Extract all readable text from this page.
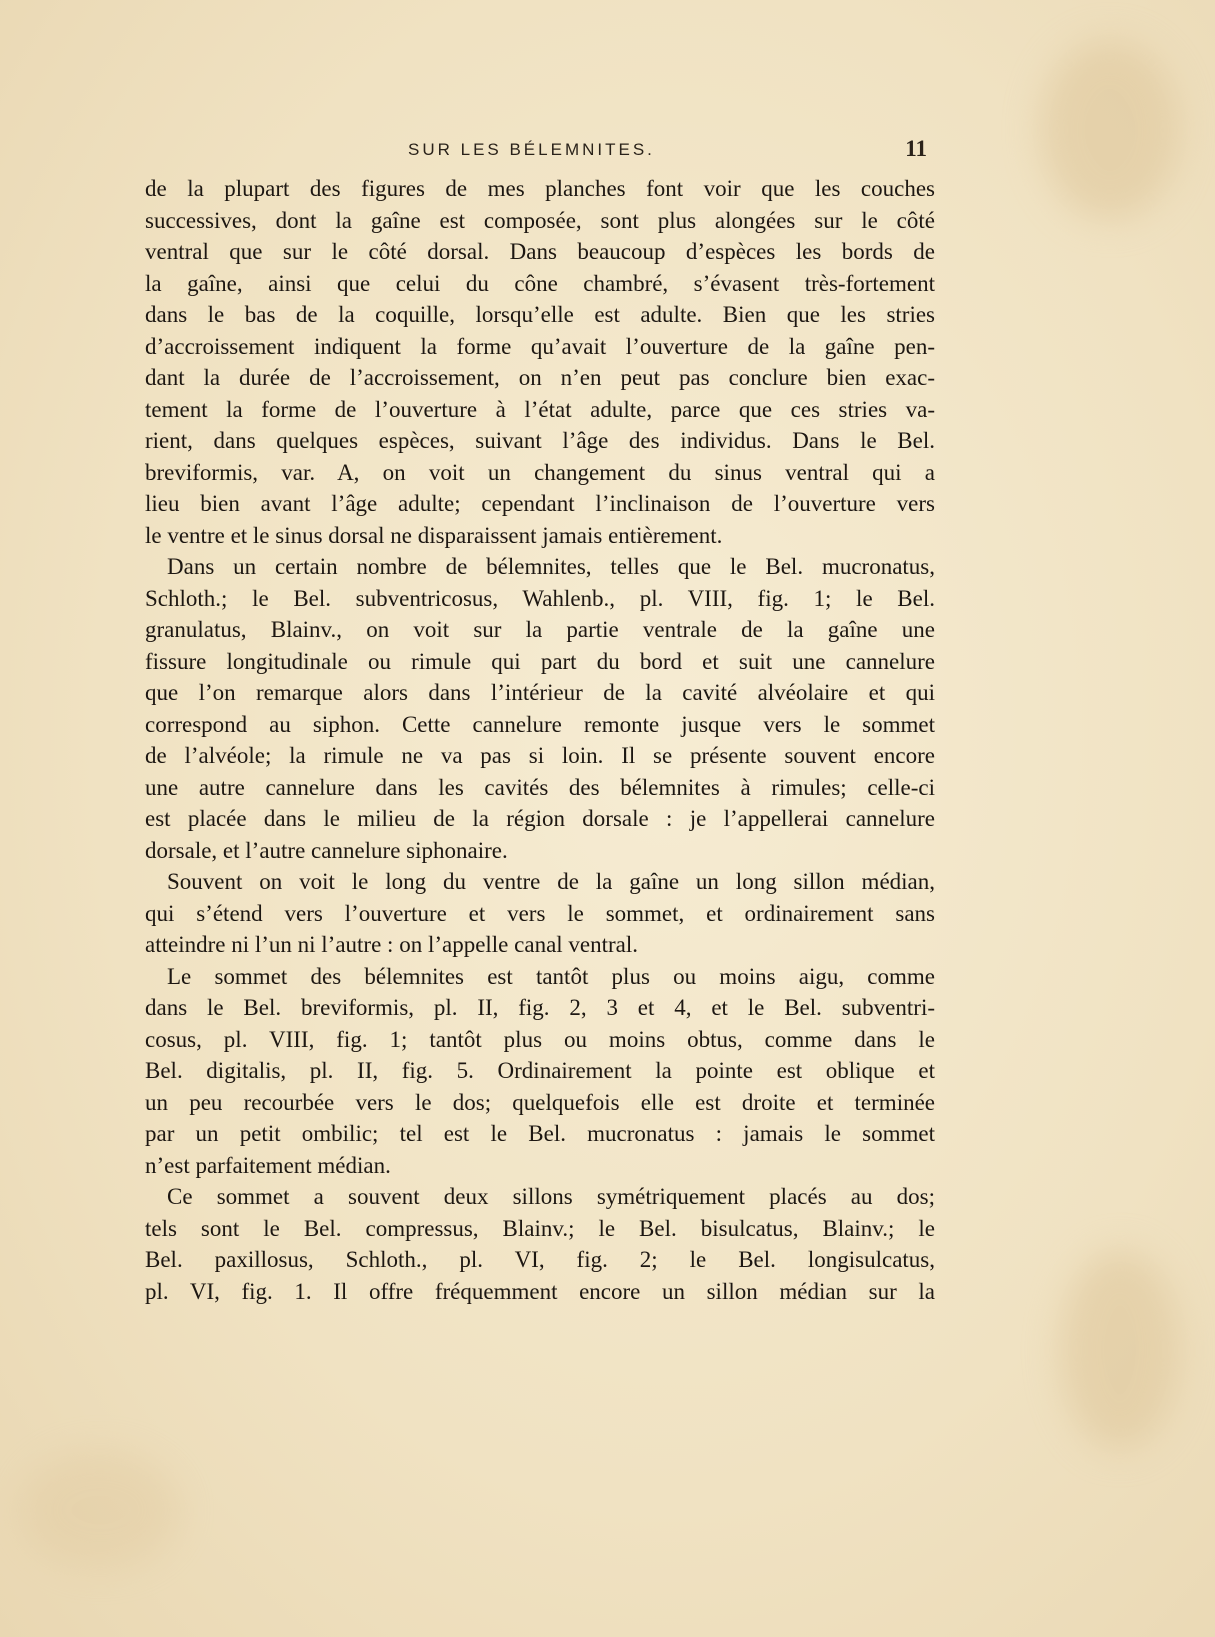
SUR LES BÉLEMNITES.	11
de la plupart des figures de mes planches font voir que les couches
successives, dont la gaîne est composée, sont plus alongées sur le côté
ventral que sur le côté dorsal. Dans beaucoup d’espèces les bords de
la gaîne, ainsi que celui du cône chambré, s’évasent très-fortement
dans le bas de la coquille, lorsqu’elle est adulte. Bien que les stries
d’accroissement indiquent la forme qu’avait l’ouverture de la gaîne pen-
dant la durée de l’accroissement, on n’en peut pas conclure bien exac-
tement la forme de l’ouverture à l’état adulte, parce que ces stries va-
rient, dans quelques espèces, suivant l’âge des individus. Dans le Bel.
breviformis, var. A, on voit un changement du sinus ventral qui a
lieu bien avant l’âge adulte; cependant l’inclinaison de l’ouverture vers
le ventre et le sinus dorsal ne disparaissent jamais entièrement.
Dans un certain nombre de bélemnites, telles que le Bel. mucronatus,
Schloth.; le Bel. subventricosus, Wahlenb., pl. VIII, fig. 1; le Bel.
granulatus, Blainv., on voit sur la partie ventrale de la gaîne une
fissure longitudinale ou rimule qui part du bord et suit une cannelure
que l’on remarque alors dans l’intérieur de la cavité alvéolaire et qui
correspond au siphon. Cette cannelure remonte jusque vers le sommet
de l’alvéole; la rimule ne va pas si loin. Il se présente souvent encore
une autre cannelure dans les cavités des bélemnites à rimules; celle-ci
est placée dans le milieu de la région dorsale : je l’appellerai cannelure
dorsale, et l’autre cannelure siphonaire.
Souvent on voit le long du ventre de la gaîne un long sillon médian,
qui s’étend vers l’ouverture et vers le sommet, et ordinairement sans
atteindre ni l’un ni l’autre : on l’appelle canal ventral.
Le sommet des bélemnites est tantôt plus ou moins aigu, comme
dans le Bel. breviformis, pl. II, fig. 2, 3 et 4, et le Bel. subventri-
cosus, pl. VIII, fig. 1; tantôt plus ou moins obtus, comme dans le
Bel. digitalis, pl. II, fig. 5. Ordinairement la pointe est oblique et
un peu recourbée vers le dos; quelquefois elle est droite et terminée
par un petit ombilic; tel est le Bel. mucronatus : jamais le sommet
n’est parfaitement médian.
Ce sommet a souvent deux sillons symétriquement placés au dos;
tels sont le Bel. compressus, Blainv.; le Bel. bisulcatus, Blainv.; le
Bel. paxillosus, Schloth., pl. VI, fig. 2; le Bel. longisulcatus,
pl. VI, fig. 1. Il offre fréquemment encore un sillon médian sur la
